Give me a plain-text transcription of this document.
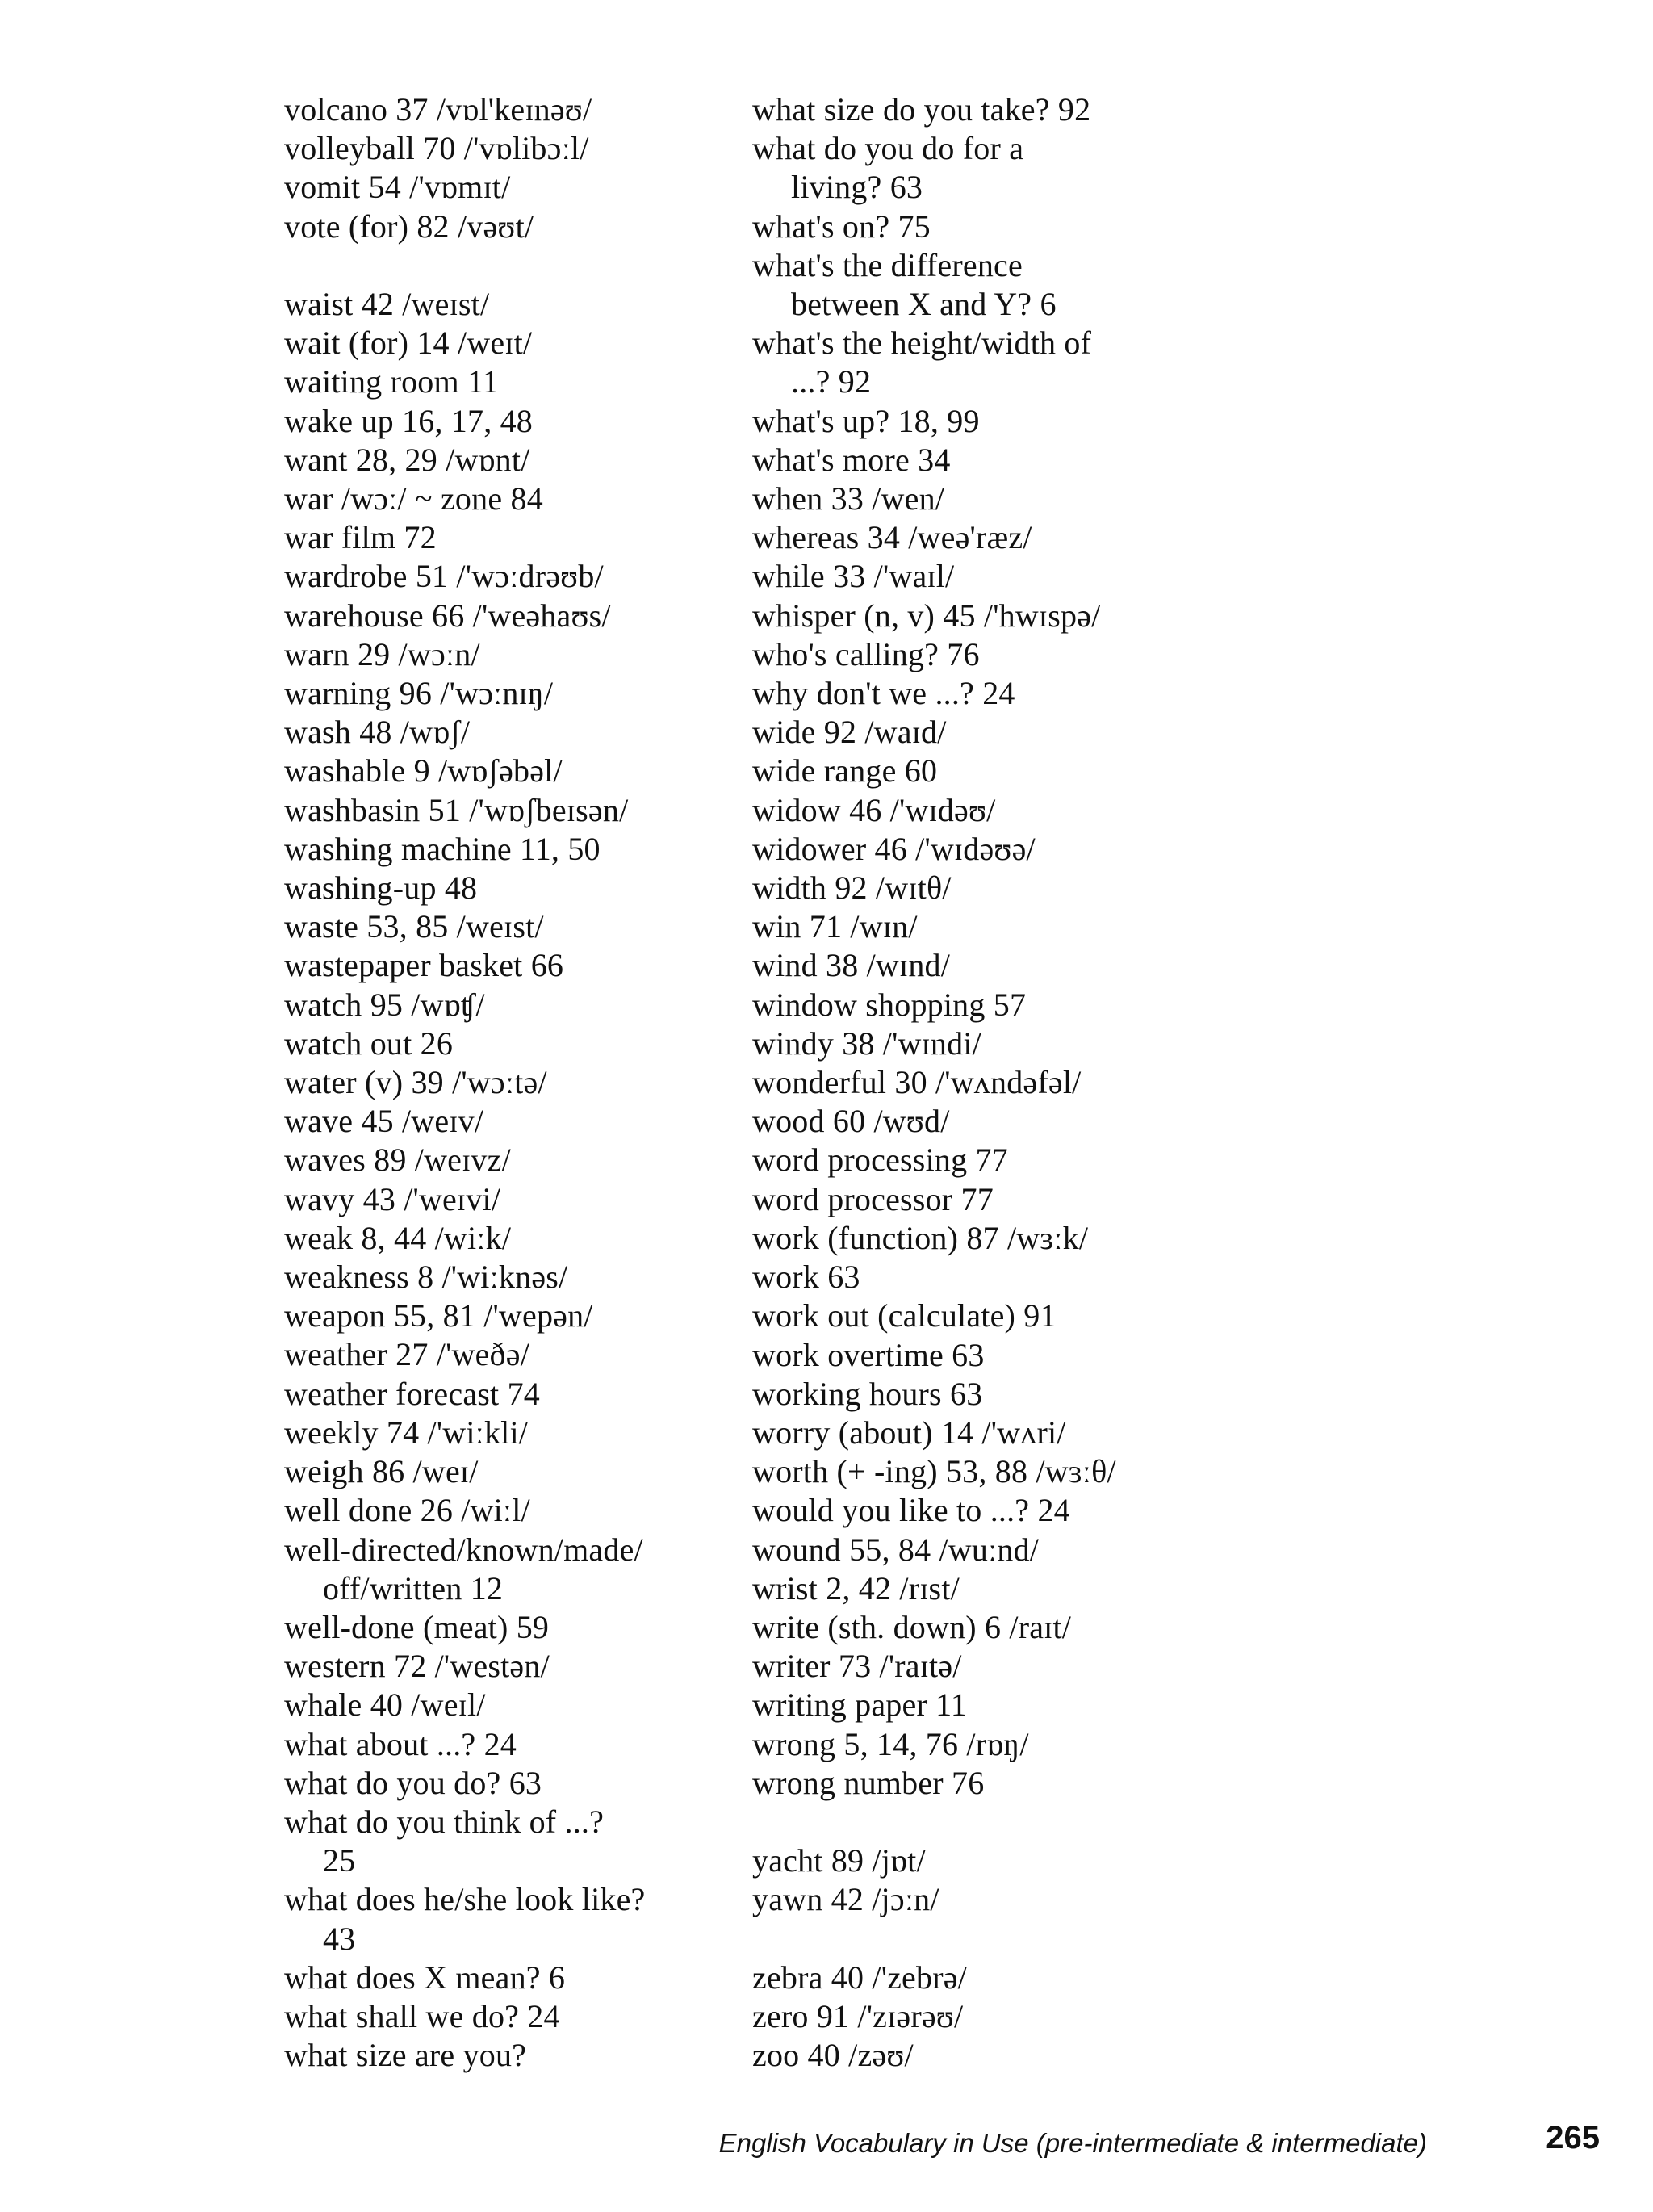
volcano 37 /vɒl'keɪnəʊ/
volleyball 70 /'vɒlibɔːl/
vomit 54 /'vɒmɪt/
vote (for) 82 /vəʊt/
waist 42 /weɪst/
wait (for) 14 /weɪt/
waiting room 11
wake up 16, 17, 48
want 28, 29 /wɒnt/
war /wɔː/ ~ zone 84
war film 72
wardrobe 51 /'wɔːdrəʊb/
warehouse 66 /'weəhaʊs/
warn 29 /wɔːn/
warning 96 /'wɔːnɪŋ/
wash 48 /wɒʃ/
washable 9 /wɒʃəbəl/
washbasin 51 /'wɒʃbeɪsən/
washing machine 11, 50
washing-up 48
waste 53, 85 /weɪst/
wastepaper basket 66
watch 95 /wɒʧ/
watch out 26
water (v) 39 /'wɔːtə/
wave 45 /weɪv/
waves 89 /weɪvz/
wavy 43 /'weɪvi/
weak 8, 44 /wiːk/
weakness 8 /'wiːknəs/
weapon 55, 81 /'wepən/
weather 27 /'weðə/
weather forecast 74
weekly 74 /'wiːkli/
weigh 86 /weɪ/
well done 26 /wiːl/
well-directed/known/made/
off/written 12
well-done (meat) 59
western 72 /'westən/
whale 40 /weɪl/
what about ...? 24
what do you do? 63
what do you think of ...?
25
what does he/she look like?
43
what does X mean? 6
what shall we do? 24
what size are you?
what size do you take? 92
what do you do for a
living? 63
what's on? 75
what's the difference
between X and Y? 6
what's the height/width of
...? 92
what's up? 18, 99
what's more 34
when 33 /wen/
whereas 34 /weə'ræz/
while 33 /'waɪl/
whisper (n, v) 45 /'hwɪspə/
who's calling? 76
why don't we ...? 24
wide 92 /waɪd/
wide range 60
widow 46 /'wɪdəʊ/
widower 46 /'wɪdəʊə/
width 92 /wɪtθ/
win 71 /wɪn/
wind 38 /wɪnd/
window shopping 57
windy 38 /'wɪndi/
wonderful 30 /'wʌndəfəl/
wood 60 /wʊd/
word processing 77
word processor 77
work (function) 87 /wɜːk/
work 63
work out (calculate) 91
work overtime 63
working hours 63
worry (about) 14 /'wʌri/
worth (+ -ing) 53, 88 /wɜːθ/
would you like to ...? 24
wound 55, 84 /wuːnd/
wrist 2, 42 /rɪst/
write (sth. down) 6 /raɪt/
writer 73 /'raɪtə/
writing paper 11
wrong 5, 14, 76 /rɒŋ/
wrong number 76
yacht 89 /jɒt/
yawn 42 /jɔːn/
zebra 40 /'zebrə/
zero 91 /'zɪərəʊ/
zoo 40 /zəʊ/
English Vocabulary in Use (pre-intermediate & intermediate)	265
